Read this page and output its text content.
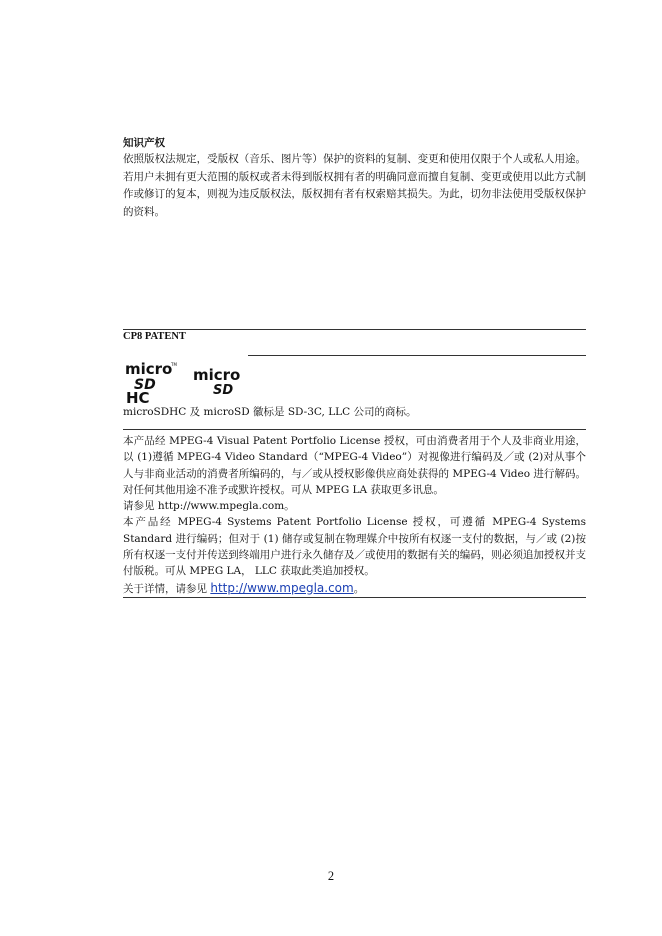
知识产权
依照版权法规定，受版权（音乐、图片等）保护的资料的复制、变更和使用仅限于个人或私人用途。若用户未拥有更大范围的版权或者未得到版权拥有者的明确同意而擅自复制、变更或使用以此方式制作或修订的复本，则视为违反版权法，版权拥有者有权索赔其损失。为此，切勿非法使用受版权保护的资料。
CP8 PATENT
micro
TM
SD
HC
micro
SD
microSDHC 及 microSD 徽标是 SD-3C, LLC 公司的商标。

本产品经 MPEG-4 Visual Patent Portfolio License 授权，可由消费者用于个人及非商业用途，以 (1)遵循 MPEG-4 Video Standard（“MPEG-4 Video”）对视像进行编码及／或 (2)对从事个人与非商业活动的消费者所编码的，与／或从授权影像供应商处获得的 MPEG-4 Video 进行解码。对任何其他用途不准予或默许授权。可从 MPEG LA 获取更多讯息。

请参见 http://www.mpegla.com。

本产品经 MPEG-4 Systems Patent Portfolio License 授权，可遵循 MPEG-4 Systems Standard 进行编码；但对于 (1) 储存或复制在物理媒介中按所有权逐一支付的数据，与／或 (2)按所有权逐一支付并传送到终端用户进行永久储存及／或使用的数据有关的编码，则必须追加授权并支付版税。可从 MPEG LA， LLC 获取此类追加授权。

关于详情，请参见 http://www.mpegla.com。

2
